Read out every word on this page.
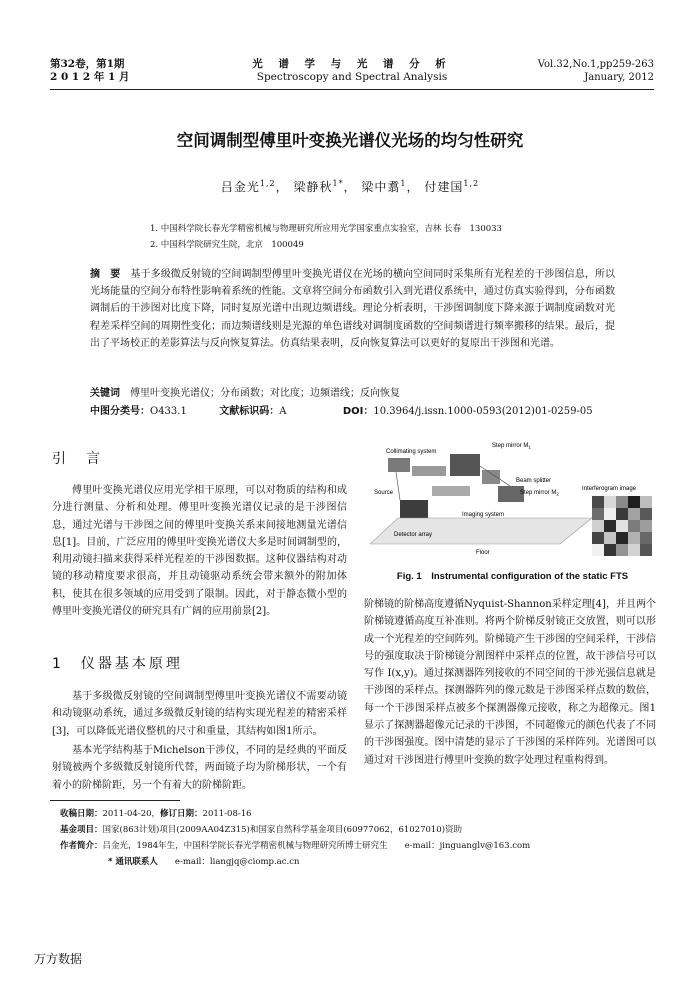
第32卷，第1期
2 0 1 2 年 1 月
光 谱 学 与 光 谱 分 析
Spectroscopy and Spectral Analysis
Vol.32,No.1,pp259-263
January, 2012
空间调制型傅里叶变换光谱仪光场的均匀性研究
吕金光$^{1,2}$， 梁静秋$^{1*}$， 梁中翥$^1$， 付建国$^{1,2}$
1. 中国科学院长春光学精密机械与物理研究所应用光学国家重点实验室，吉林 长春　130033
2. 中国科学院研究生院，北京　100049
摘　要　 基于多级微反射镜的空间调制型傅里叶变换光谱仪在光场的横向空间同时采集所有光程差的干涉图信息，所以光场能量的空间分布特性影响着系统的性能。文章将空间分布函数引入到光谱仪系统中，通过仿真实验得到，分布函数调制后的干涉图对比度下降，同时复原光谱中出现边频谱线。理论分析表明，干涉图调制度下降来源于调制度函数对光程差采样空间的周期性变化；而边频谱线则是光源的单色谱线对调制度函数的空间频谱进行频率搬移的结果。最后，提出了平场校正的差影算法与反向恢复算法。仿真结果表明，反向恢复算法可以更好的复原出干涉图和光谱。
关键词　 傅里叶变换光谱仪；分布函数；对比度；边频谱线；反向恢复
中图分类号：O433.1	文献标识码：A	DOI：10.3964/j.issn.1000-0593(2012)01-0259-05
引　言
傅里叶变换光谱仪应用光学相干原理，可以对物质的结构和成分进行测量、分析和处理。傅里叶变换光谱仪记录的是干涉图信息，通过光谱与干涉图之间的傅里叶变换关系来间接地测量光谱信息[1]。目前，广泛应用的傅里叶变换光谱仪大多是时间调制型的，利用动镜扫描来获得采样光程差的干涉图数据。这种仪器结构对动镜的移动精度要求很高，并且动镜驱动系统会带来额外的附加体积，使其在很多领域的应用受到了限制。因此，对于静态微小型的傅里叶变换光谱仪的研究具有广阔的应用前景[2]。
1　仪器基本原理
基于多级微反射镜的空间调制型傅里叶变换光谱仪不需要动镜和动镜驱动系统，通过多级微反射镜的结构实现光程差的精密采样[3]，可以降低光谱仪整机的尺寸和重量，其结构如图1所示。
基本光学结构基于Michelson干涉仪，不同的是经典的平面反射镜被两个多级微反射镜所代替，两面镜子均为阶梯形状，一个有着小的阶梯阶距，另一个有着大的阶梯阶距。
Collimating system
Step mirror $M_1$
Beam splitter
Source	Step mirror $M_2$
Interferogram image
Imaging system
Detector array
Floor
Fig. 1　Instrumental configuration of the static FTS
阶梯镜的阶梯高度遵循Nyquist-Shannon采样定理[4]，并且两个阶梯镜遵循高度互补准则。将两个阶梯反射镜正交放置，则可以形成一个光程差的空间阵列。阶梯镜产生干涉图的空间采样，干涉信号的强度取决于阶梯镜分割图样中采样点的位置，故干涉信号可以写作 I(x,y)。通过探测器阵列接收的不同空间的干涉光强信息就是干涉图的采样点。探测器阵列的像元数是干涉图采样点数的数倍，每一个干涉图采样点被多个探测器像元接收，称之为超像元。图1显示了探测器超像元记录的干涉图，不同超像元的颜色代表了不同的干涉图强度。图中清楚的显示了干涉图的采样阵列。光谱图可以通过对干涉图进行傅里叶变换的数字处理过程重构得到。
收稿日期：2011-04-20，修订日期：2011-08-16
基金项目：国家(863计划)项目(2009AA04Z315)和国家自然科学基金项目(60977062，61027010)资助
作者简介：吕金光，1984年生，中国科学院长春光学精密机械与物理研究所博士研究生　　e-mail：jinguanglv@163.com
* 通讯联系人　　 e-mail：liangjq@ciomp.ac.cn
万方数据
